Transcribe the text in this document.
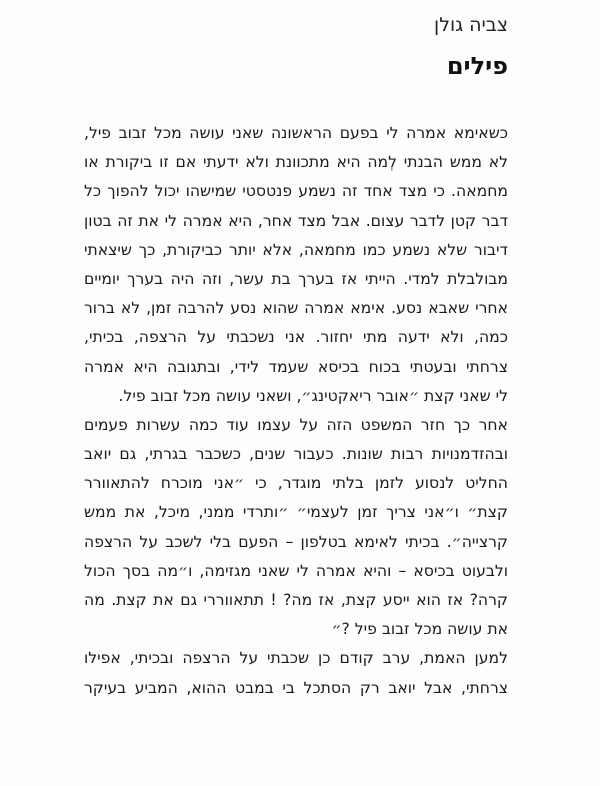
צביה גולן
פילים
כשאימא אמרה לי בפעם הראשונה שאני עושה מכל זבוב פיל,
לא ממש הבנתי לְמה היא מתכוונת ולא ידעתי אם זו ביקורת או
מחמאה. כי מצד אחד זה נשמע פנטסטי שמישהו יכול להפוך כל
דבר קטן לדבר עצום. אבל מצד אחר, היא אמרה לי את זה בטון
דיבור שלא נשמע כמו מחמאה, אלא יותר כביקורת, כך שיצאתי
מבולבלת למדי. הייתי אז בערך בת עשר, וזה היה בערך יומיים
אחרי שאבא נסע. אימא אמרה שהוא נסע להרבה זמן, לא ברור
כמה, ולא ידעה מתי יחזור. אני נשכבתי על הרצפה, בכיתי,
צרחתי ובעטתי בכוח בכיסא שעמד לידי, ובתגובה היא אמרה
לי שאני קצת ״אובר ריאקטינג״, ושאני עושה מכל זבוב פיל.
אחר כך חזר המשפט הזה על עצמו עוד כמה עשרות פעמים
ובהזדמנויות רבות שונות. כעבור שנים, כשכבר בגרתי, גם יואב
החליט לנסוע לזמן בלתי מוגדר, כי ״אני מוכרח להתאוורר
קצת״ ו״אני צריך זמן לעצמי״ ״ותרדי ממני, מיכל, את ממש
קרצייה״. בכיתי לאימא בטלפון – הפעם בלי לשכב על הרצפה
ולבעוט בכיסא – והיא אמרה לי שאני מגזימה, ו״מה בסך הכול
קרה? אז הוא ייסע קצת, אז מה? ! תתאווררי גם את קצת. מה
את עושה מכל זבוב פיל ?״
למען האמת, ערב קודם כן שכבתי על הרצפה ובכיתי, אפילו
צרחתי, אבל יואב רק הסתכל בי במבט ההוא, המביע בעיקר
